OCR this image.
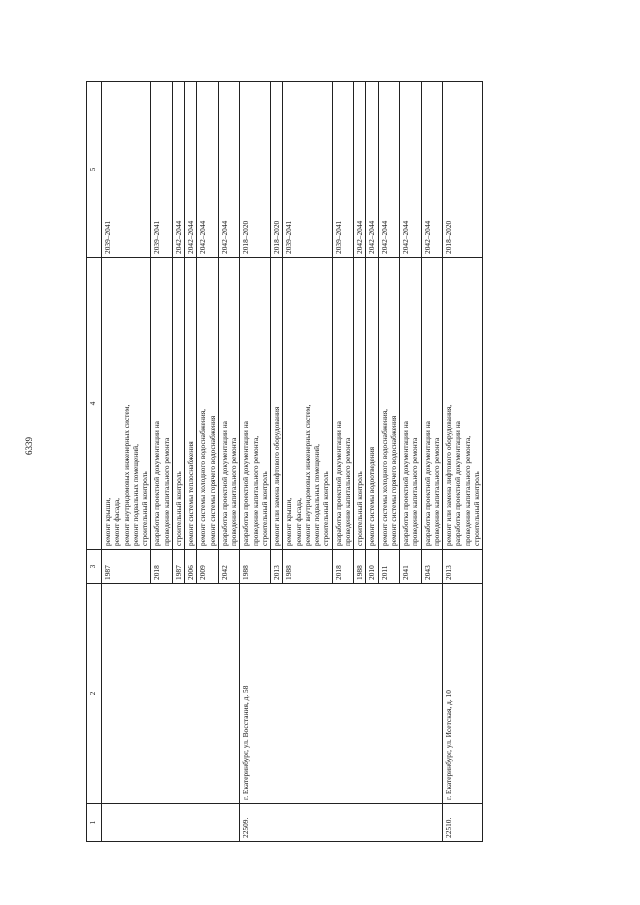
6339
1	2	3	4	5
		1987	ремонт крыши, ремонт фасада, ремонт внутридомовых инженерных систем, ремонт подвальных помещений, строительный контроль	2039–2041
		2018	разработка проектной документации на проведение капитального ремонта	2039–2041
		1987	строительный контроль	2042–2044
		2006	ремонт системы теплоснабжения	2042–2044
		2009	ремонт системы холодного водоснабжения, ремонт системы горячего водоснабжения	2042–2044
		2042	разработка проектной документации на проведение капитального ремонта	2042–2044
22509.	г. Екатеринбург, ул. Восстания, д. 58	1988	разработка проектной документации на проведение капитального ремонта, строительный контроль	2018–2020
		2013	ремонт или замена лифтового оборудования	2018–2020
		1988	ремонт крыши, ремонт фасада, ремонт внутридомовых инженерных систем, ремонт подвальных помещений, строительный контроль	2039–2041
		2018	разработка проектной документации на проведение капитального ремонта	2039–2041
		1988	строительный контроль	2042–2044
		2010	ремонт системы водоотведения	2042–2044
		2011	ремонт системы холодного водоснабжения, ремонт системы горячего водоснабжения	2042–2044
		2041	разработка проектной документации на проведение капитального ремонта	2042–2044
		2043	разработка проектной документации на проведение капитального ремонта	2042–2044
22510.	г. Екатеринбург, ул. Исетская, д. 10	2013	ремонт или замена лифтового оборудования, разработка проектной документации на проведение капитального ремонта, строительный контроль	2018–2020
